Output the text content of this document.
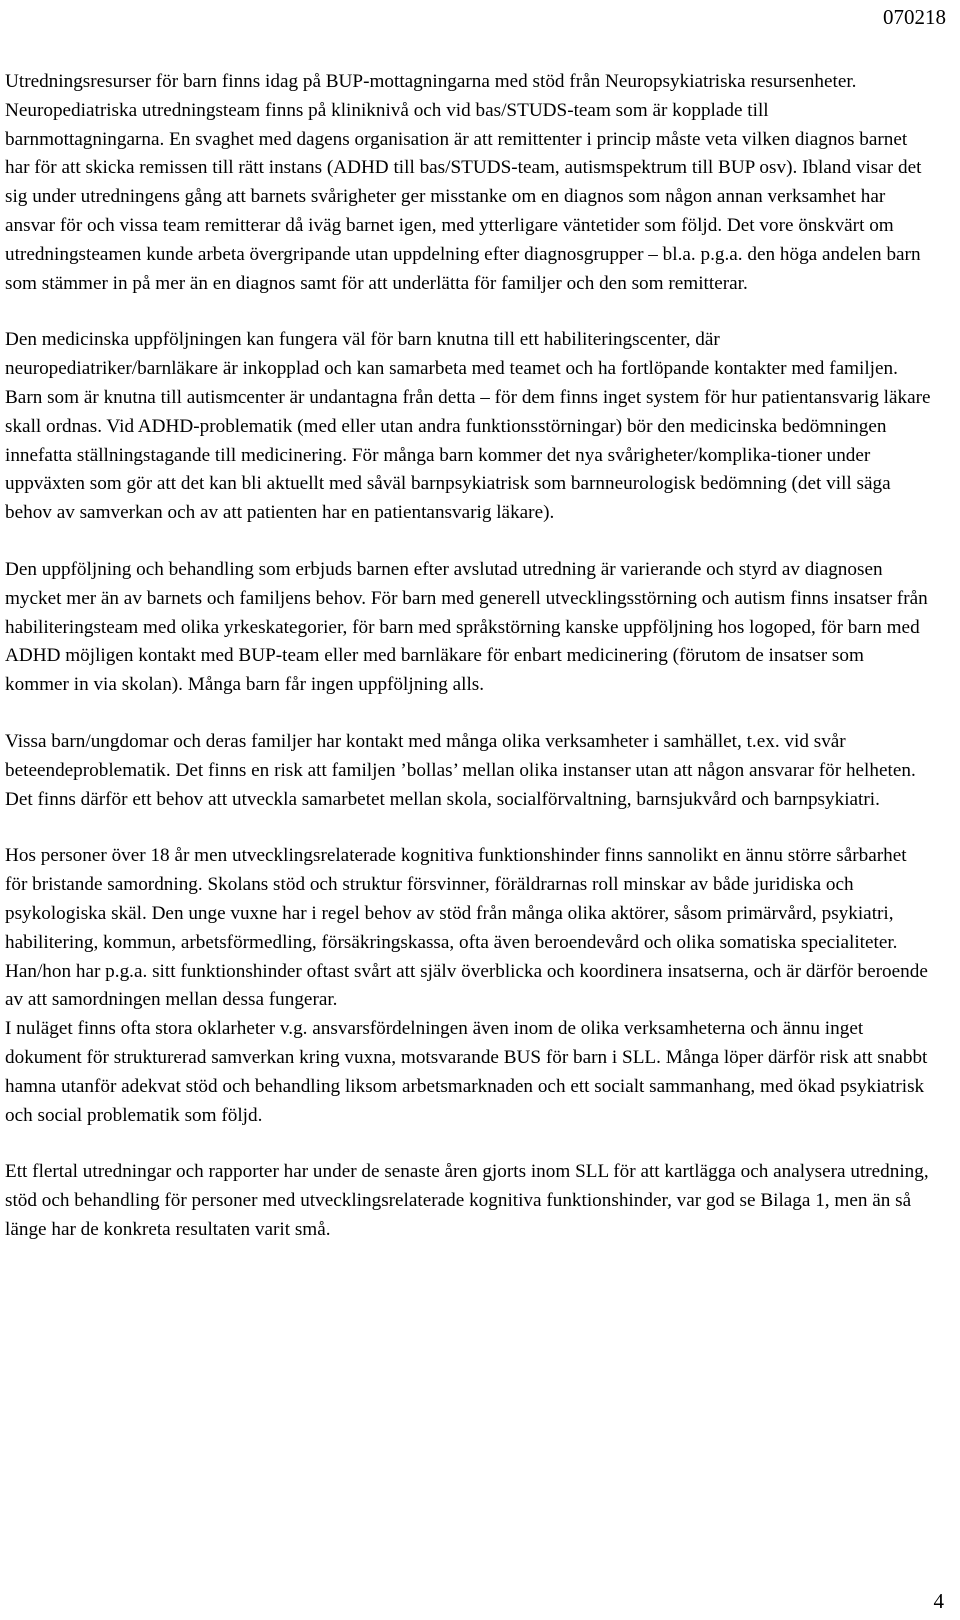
070218

Utredningsresurser för barn finns idag på BUP-mottagningarna med stöd från Neuropsykiatriska resursenheter. Neuropediatriska utredningsteam finns på kliniknivå och vid bas/STUDS-team som är kopplade till barnmottagningarna. En svaghet med dagens organisation är att remittenter i princip måste veta vilken diagnos barnet har för att skicka remissen till rätt instans (ADHD till bas/STUDS-team, autismspektrum till BUP osv). Ibland visar det sig under utredningens gång att barnets svårigheter ger misstanke om en diagnos som någon annan verksamhet har ansvar för och vissa team remitterar då iväg barnet igen, med ytterligare väntetider som följd. Det vore önskvärt om utredningsteamen kunde arbeta övergripande utan uppdelning efter diagnosgrupper – bl.a. p.g.a. den höga andelen barn som stämmer in på mer än en diagnos samt för att underlätta för familjer och den som remitterar.

Den medicinska uppföljningen kan fungera väl för barn knutna till ett habiliteringscenter, där neuropediatriker/barnläkare är inkopplad och kan samarbeta med teamet och ha fortlöpande kontakter med familjen. Barn som är knutna till autismcenter är undantagna från detta – för dem finns inget system för hur patientansvarig läkare skall ordnas. Vid ADHD-problematik (med eller utan andra funktionsstörningar) bör den medicinska bedömningen innefatta ställningstagande till medicinering. För många barn kommer det nya svårigheter/komplika-tioner under uppväxten som gör att det kan bli aktuellt med såväl barnpsykiatrisk som barnneurologisk bedömning (det vill säga behov av samverkan och av att patienten har en patientansvarig läkare).

Den uppföljning och behandling som erbjuds barnen efter avslutad utredning är varierande och styrd av diagnosen mycket mer än av barnets och familjens behov. För barn med generell utvecklingsstörning och autism finns insatser från habiliteringsteam med olika yrkeskategorier, för barn med språkstörning kanske uppföljning hos logoped, för barn med ADHD möjligen kontakt med BUP-team eller med barnläkare för enbart medicinering (förutom de insatser som kommer in via skolan). Många barn får ingen uppföljning alls.

Vissa barn/ungdomar och deras familjer har kontakt med många olika verksamheter i samhället, t.ex. vid svår beteendeproblematik. Det finns en risk att familjen ’bollas’ mellan olika instanser utan att någon ansvarar för helheten. Det finns därför ett behov att utveckla samarbetet mellan skola, socialförvaltning, barnsjukvård och barnpsykiatri.

Hos personer över 18 år men utvecklingsrelaterade kognitiva funktionshinder finns sannolikt en ännu större sårbarhet för bristande samordning. Skolans stöd och struktur försvinner, föräldrarnas roll minskar av både juridiska och psykologiska skäl. Den unge vuxne har i regel behov av stöd från många olika aktörer, såsom primärvård, psykiatri, habilitering, kommun, arbetsförmedling, försäkringskassa, ofta även beroendevård och olika somatiska specialiteter. Han/hon har p.g.a. sitt funktionshinder oftast svårt att själv överblicka och koordinera insatserna, och är därför beroende av att samordningen mellan dessa fungerar.

I nuläget finns ofta stora oklarheter v.g. ansvarsfördelningen även inom de olika verksamheterna och ännu inget dokument för strukturerad samverkan kring vuxna, motsvarande BUS för barn i SLL. Många löper därför risk att snabbt hamna utanför adekvat stöd och behandling liksom arbetsmarknaden och ett socialt sammanhang, med ökad psykiatrisk och social problematik som följd.

Ett flertal utredningar och rapporter har under de senaste åren gjorts inom SLL för att kartlägga och analysera utredning, stöd och behandling för personer med utvecklingsrelaterade kognitiva funktionshinder, var god se Bilaga 1, men än så länge har de konkreta resultaten varit små.

4
